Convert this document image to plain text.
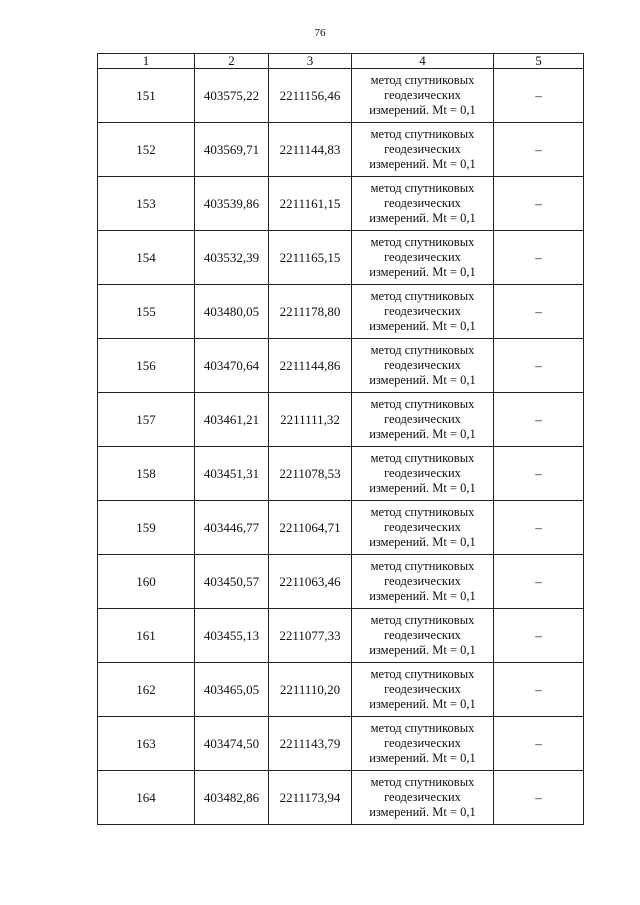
76
1	2	3	4	5
151	403575,22	2211156,46	метод спутниковых
геодезических
измерений. Mt = 0,1	–
152	403569,71	2211144,83	метод спутниковых
геодезических
измерений. Mt = 0,1	–
153	403539,86	2211161,15	метод спутниковых
геодезических
измерений. Mt = 0,1	–
154	403532,39	2211165,15	метод спутниковых
геодезических
измерений. Mt = 0,1	–
155	403480,05	2211178,80	метод спутниковых
геодезических
измерений. Mt = 0,1	–
156	403470,64	2211144,86	метод спутниковых
геодезических
измерений. Mt = 0,1	–
157	403461,21	2211111,32	метод спутниковых
геодезических
измерений. Mt = 0,1	–
158	403451,31	2211078,53	метод спутниковых
геодезических
измерений. Mt = 0,1	–
159	403446,77	2211064,71	метод спутниковых
геодезических
измерений. Mt = 0,1	–
160	403450,57	2211063,46	метод спутниковых
геодезических
измерений. Mt = 0,1	–
161	403455,13	2211077,33	метод спутниковых
геодезических
измерений. Mt = 0,1	–
162	403465,05	2211110,20	метод спутниковых
геодезических
измерений. Mt = 0,1	–
163	403474,50	2211143,79	метод спутниковых
геодезических
измерений. Mt = 0,1	–
164	403482,86	2211173,94	метод спутниковых
геодезических
измерений. Mt = 0,1	–
